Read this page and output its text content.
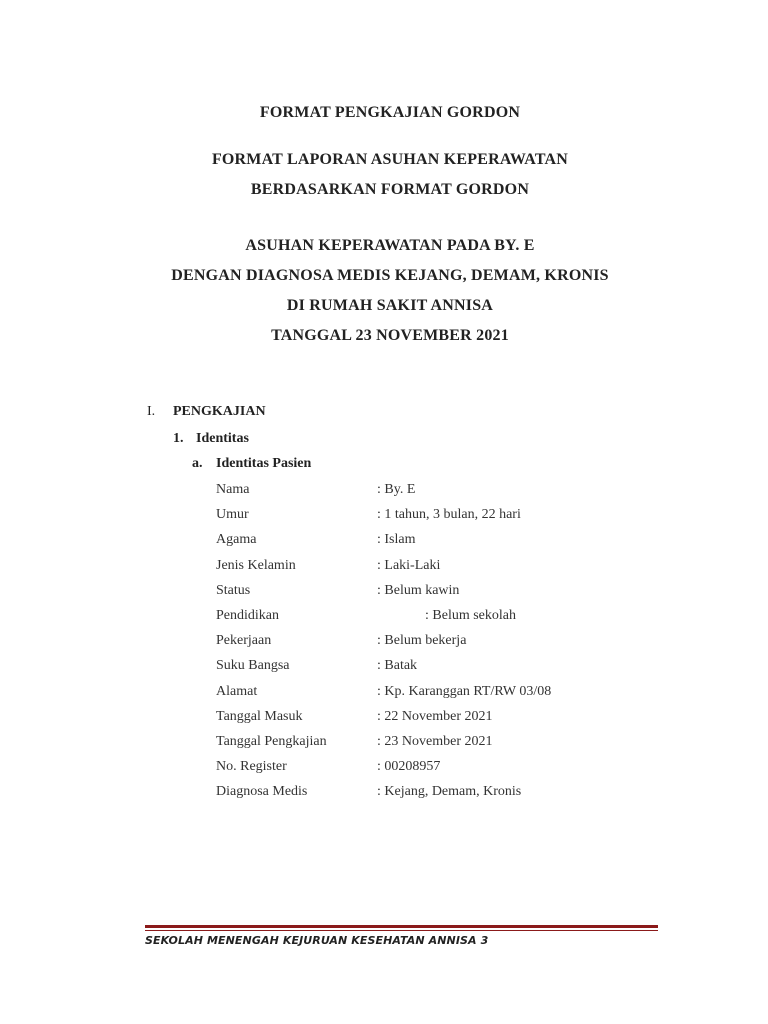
FORMAT PENGKAJIAN GORDON
FORMAT LAPORAN ASUHAN KEPERAWATAN
BERDASARKAN FORMAT GORDON
ASUHAN KEPERAWATAN PADA BY. E
DENGAN DIAGNOSA MEDIS KEJANG, DEMAM, KRONIS
DI RUMAH SAKIT ANNISA
TANGGAL 23 NOVEMBER 2021
I. PENGKAJIAN
1. Identitas
a. Identitas Pasien
Nama	: By. E
Umur	: 1 tahun, 3 bulan, 22 hari
Agama	: Islam
Jenis Kelamin	: Laki-Laki
Status	: Belum kawin
Pendidikan	: Belum sekolah
Pekerjaan	: Belum bekerja
Suku Bangsa	: Batak
Alamat	: Kp. Karanggan RT/RW 03/08
Tanggal Masuk	: 22 November 2021
Tanggal Pengkajian	: 23 November 2021
No. Register	: 00208957
Diagnosa Medis	: Kejang, Demam, Kronis
SEKOLAH MENENGAH KEJURUAN KESEHATAN ANNISA 3
